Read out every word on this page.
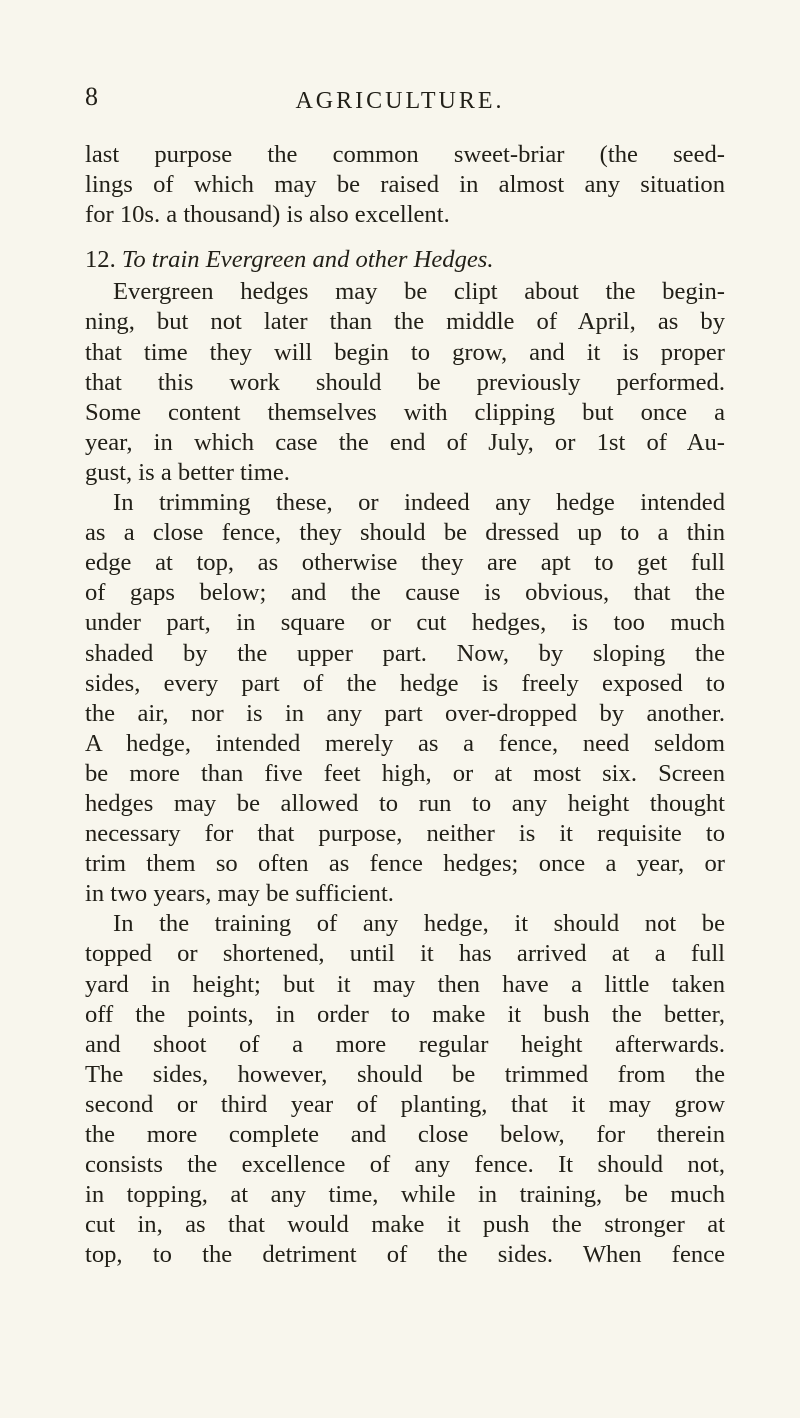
8	AGRICULTURE.
last purpose the common sweet-briar (the seed-
lings of which may be raised in almost any situation
for 10s. a thousand) is also excellent.
12. To train Evergreen and other Hedges.
Evergreen hedges may be clipt about the begin-
ning, but not later than the middle of April, as by
that time they will begin to grow, and it is proper
that this work should be previously performed.
Some content themselves with clipping but once a
year, in which case the end of July, or 1st of Au-
gust, is a better time.
In trimming these, or indeed any hedge intended
as a close fence, they should be dressed up to a thin
edge at top, as otherwise they are apt to get full
of gaps below; and the cause is obvious, that the
under part, in square or cut hedges, is too much
shaded by the upper part. Now, by sloping the
sides, every part of the hedge is freely exposed to
the air, nor is in any part over-dropped by another.
A hedge, intended merely as a fence, need seldom
be more than five feet high, or at most six. Screen
hedges may be allowed to run to any height thought
necessary for that purpose, neither is it requisite to
trim them so often as fence hedges; once a year, or
in two years, may be sufficient.
In the training of any hedge, it should not be
topped or shortened, until it has arrived at a full
yard in height; but it may then have a little taken
off the points, in order to make it bush the better,
and shoot of a more regular height afterwards.
The sides, however, should be trimmed from the
second or third year of planting, that it may grow
the more complete and close below, for therein
consists the excellence of any fence. It should not,
in topping, at any time, while in training, be much
cut in, as that would make it push the stronger at
top, to the detriment of the sides. When fence
